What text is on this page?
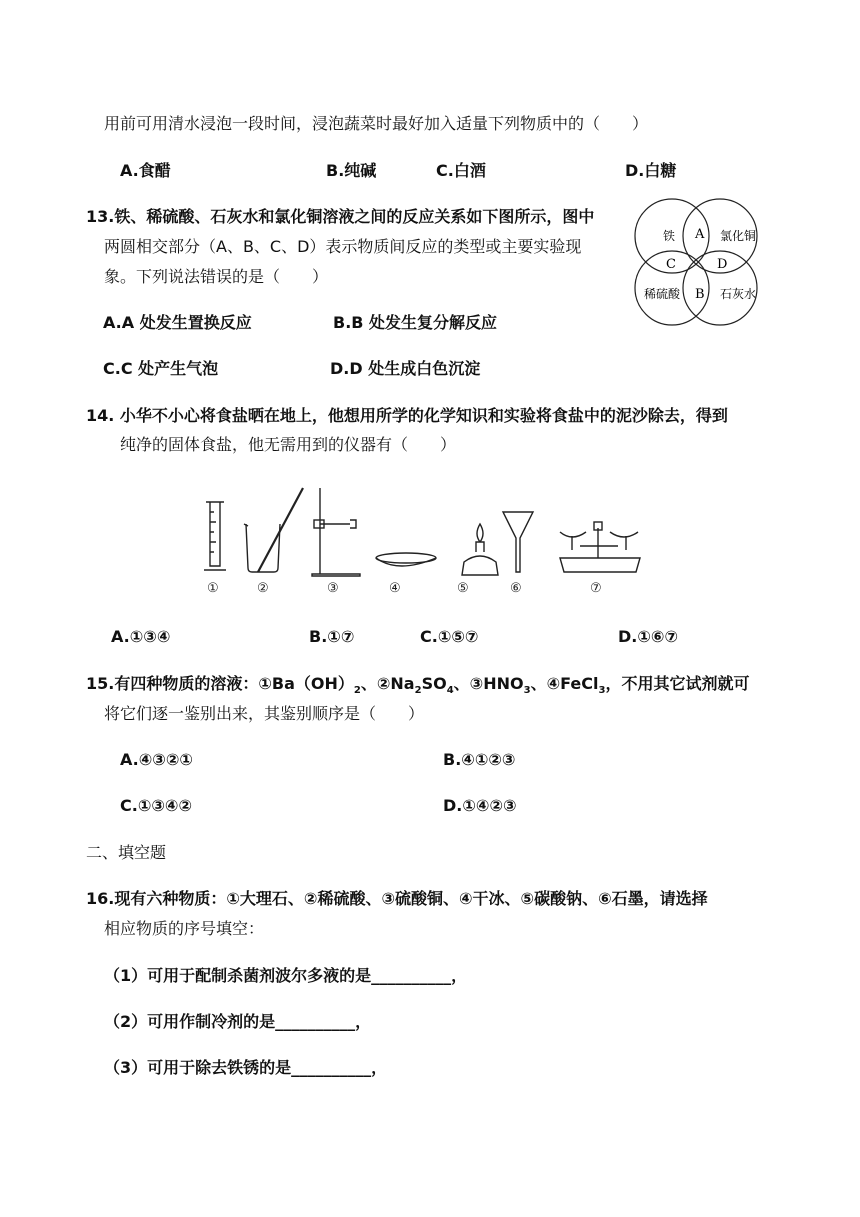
用前可用清水浸泡一段时间，浸泡蔬菜时最好加入适量下列物质中的（　　）
A.食醋	B.纯碱	C.白酒	D.白糖
13.铁、稀硫酸、石灰水和氯化铜溶液之间的反应关系如下图所示，图中
两圆相交部分（A、B、C、D）表示物质间反应的类型或主要实验现
象。下列说法错误的是（　　）
铁	氯化铜
稀硫酸	石灰水
A
B
C	D
A.A 处发生置换反应	B.B 处发生复分解反应
C.C 处产生气泡	D.D 处生成白色沉淀
14. 小华不小心将食盐晒在地上，他想用所学的化学知识和实验将食盐中的泥沙除去，得到
纯净的固体食盐，他无需用到的仪器有（　　）
①	②	③	④	⑤	⑥	⑦
A.①③④	B.①⑦	C.①⑤⑦	D.①⑥⑦
15.有四种物质的溶液：$①Ba(OH)_2$、$②Na_2SO_4$、$③HNO_3$、④FeCl$_3$，不用其它试剂就可
将它们逐一鉴别出来，其鉴别顺序是（　　）
A.④③②①	B.④①②③
C.①③④②	D.①④②③
二、填空题
16.现有六种物质：①大理石、②稀硫酸、③硫酸铜、④干冰、⑤碳酸钠、⑥石墨，请选择
相应物质的序号填空：
（1）可用于配制杀菌剂波尔多液的是__________，
（2）可用作制冷剂的是__________，
（3）可用于除去铁锈的是__________，
